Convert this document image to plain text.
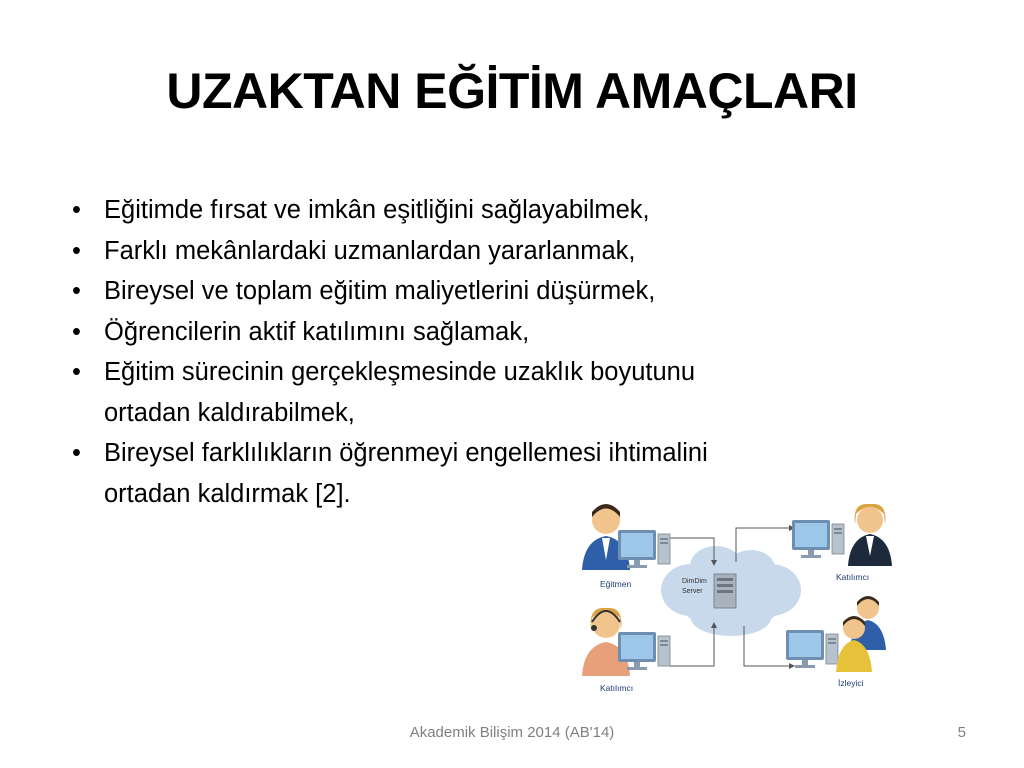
UZAKTAN EĞİTİM AMAÇLARI
• Eğitimde fırsat ve imkân eşitliğini sağlayabilmek,
• Farklı mekânlardaki uzmanlardan yararlanmak,
• Bireysel ve toplam eğitim maliyetlerini düşürmek,
• Öğrencilerin aktif katılımını sağlamak,
• Eğitim sürecinin gerçekleşmesinde uzaklık boyutunu
ortadan kaldırabilmek,
• Bireysel farklılıkların öğrenmeyi engellemesi ihtimalini
ortadan kaldırmak [2].
DimDim
Server
Eğitmen
Katılımcı
Katılımcı	İzleyici
Akademik Bilişim 2014 (AB'14)	5
